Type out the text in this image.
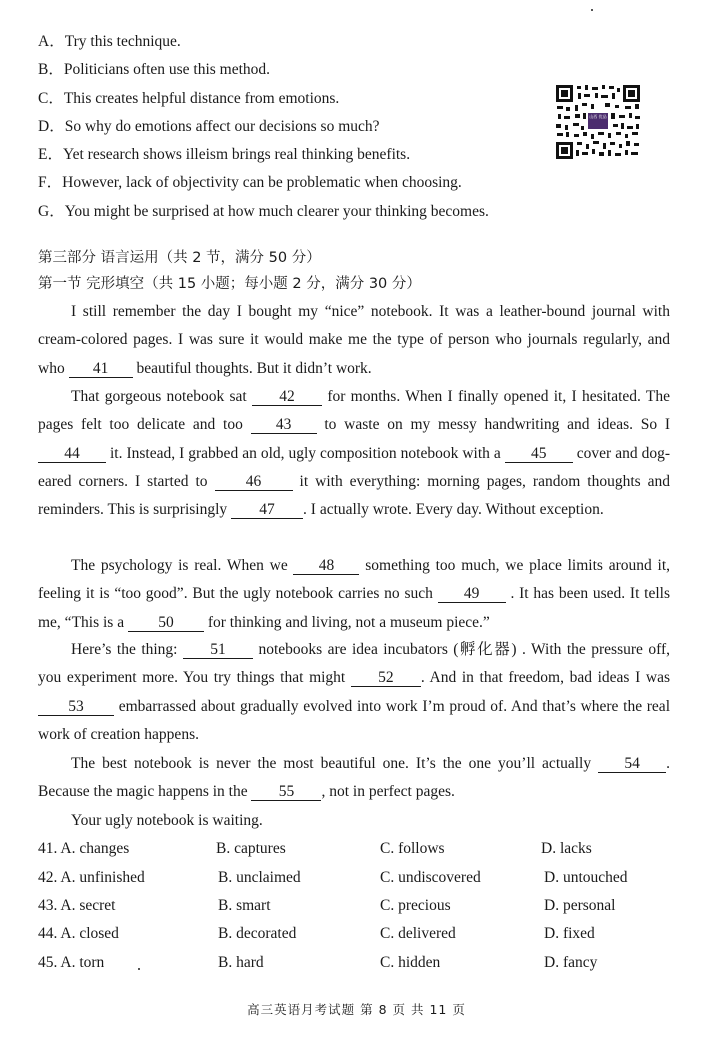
A．Try this technique.
B．Politicians often use this method.
C．This creates helpful distance from emotions.
D．So why do emotions affect our decisions so much?
E．Yet research shows illeism brings real thinking benefits.
F．However, lack of objectivity can be problematic when choosing.
G．You might be surprised at how much clearer your thinking becomes.
山西 优品
第三部分 语言运用（共 2 节，满分 50 分）
第一节 完形填空（共 15 小题；每小题 2 分，满分 30 分）

I still remember the day I bought my “nice” notebook. It was a leather-bound journal with cream-colored pages. I was sure it would make me the type of person who journals regularly, and who 41 beautiful thoughts. But it didn’t work.

That gorgeous notebook sat 42 for months. When I finally opened it, I hesitated. The pages felt too delicate and too 43 to waste on my messy handwriting and ideas. So I 44 it. Instead, I grabbed an old, ugly composition notebook with a 45 cover and dog-eared corners. I started to 46 it with everything: morning pages, random thoughts and reminders. This is surprisingly 47 . I actually wrote. Every day. Without exception.

The psychology is real. When we 48 something too much, we place limits around it, feeling it is “too good”. But the ugly notebook carries no such 49 . It has been used. It tells me, “This is a 50 for thinking and living, not a museum piece.”

Here’s the thing: 51 notebooks are idea incubators (孵化器) . With the pressure off, you experiment more. You try things that might 52 . And in that freedom, bad ideas I was 53 embarrassed about gradually evolved into work I’m proud of. And that’s where the real work of creation happens.

The best notebook is never the most beautiful one. It’s the one you’ll actually 54 . Because the magic happens in the 55 , not in perfect pages.

Your ugly notebook is waiting.

41. A. changes	B. captures	C. follows	D. lacks
42. A. unfinished	B. unclaimed	C. undiscovered	D. untouched
43. A. secret	B. smart	C. precious	D. personal
44. A. closed	B. decorated	C. delivered	D. fixed
45. A. torn	B. hard	C. hidden	D. fancy
高三英语月考试题 第 8 页 共 11 页
